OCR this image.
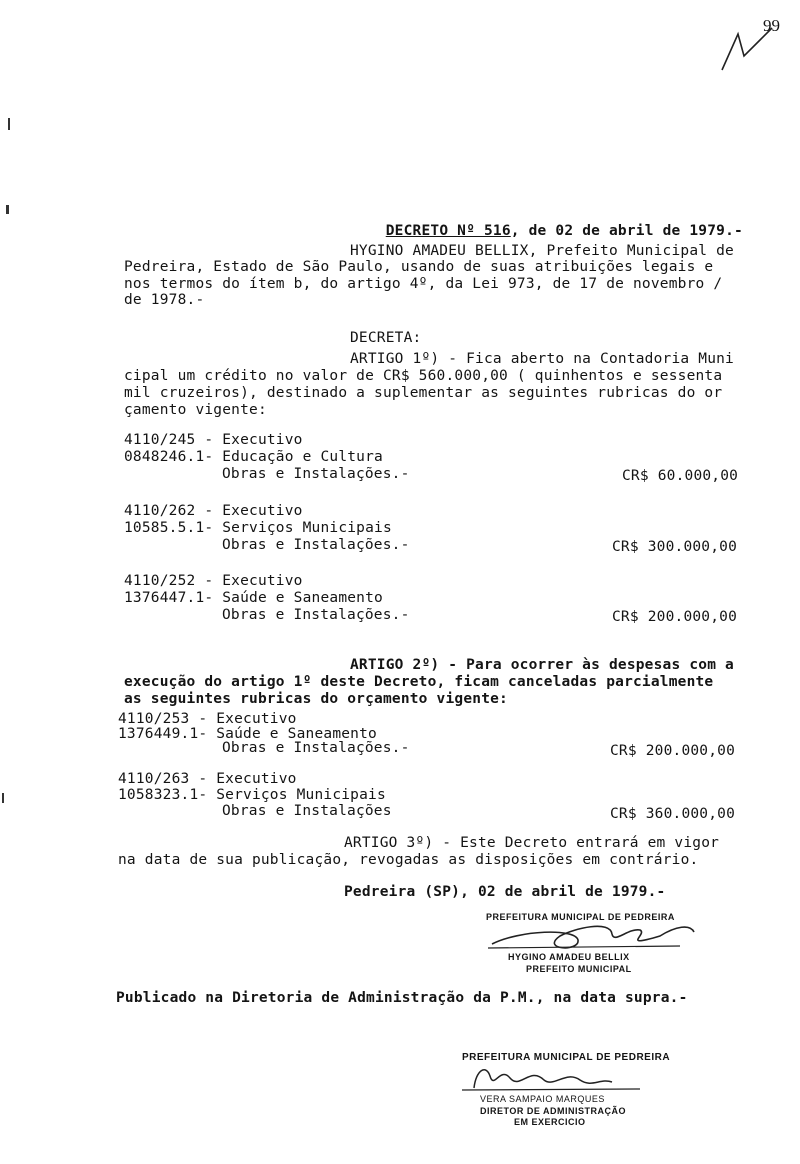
99

DECRETO Nº 516, de 02 de abril de 1979.-

HYGINO AMADEU BELLIX, Prefeito Municipal de
Pedreira, Estado de São Paulo, usando de suas atribuições legais e
nos termos do ítem b, do artigo 4º, da Lei 973, de 17 de novembro /
de 1978.-
DECRETA:
ARTIGO 1º) - Fica aberto na Contadoria Muni
cipal um crédito no valor de CR$ 560.000,00 ( quinhentos e sessenta
mil cruzeiros), destinado a suplementar as seguintes rubricas do or
çamento vigente:
4110/245 - Executivo
0848246.1- Educação e Cultura
Obras e Instalações.-	CR$ 60.000,00
4110/262 - Executivo
10585.5.1- Serviços Municipais
Obras e Instalações.-	CR$ 300.000,00
4110/252 - Executivo
1376447.1- Saúde e Saneamento
Obras e Instalações.-	CR$ 200.000,00
ARTIGO 2º) - Para ocorrer às despesas com a
execução do artigo 1º deste Decreto, ficam canceladas parcialmente
as seguintes rubricas do orçamento vigente:
4110/253 - Executivo
1376449.1- Saúde e Saneamento
Obras e Instalações.-	CR$ 200.000,00
4110/263 - Executivo
1058323.1- Serviços Municipais
Obras e Instalações	CR$ 360.000,00
ARTIGO 3º) - Este Decreto entrará em vigor
na data de sua publicação, revogadas as disposições em contrário.
Pedreira (SP), 02 de abril de 1979.-
PREFEITURA MUNICIPAL DE PEDREIRA
HYGINO AMADEU BELLIX
PREFEITO MUNICIPAL
Publicado na Diretoria de Administração da P.M., na data supra.-
PREFEITURA MUNICIPAL DE PEDREIRA
VERA SAMPAIO MARQUES
DIRETOR DE ADMINISTRAÇÃO
EM EXERCICIO
